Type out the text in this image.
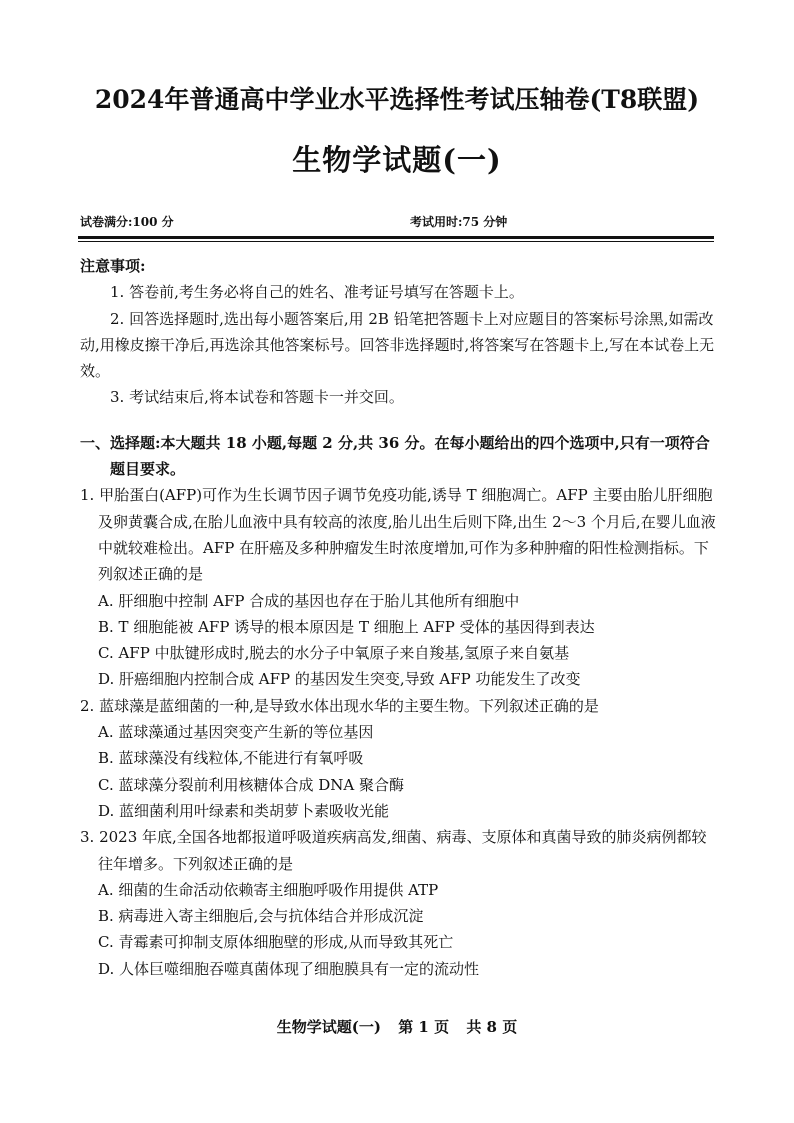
2024年普通高中学业水平选择性考试压轴卷(T8联盟)
生物学试题(一)
试卷满分:100 分	考试用时:75 分钟

注意事项:

1. 答卷前,考生务必将自己的姓名、准考证号填写在答题卡上。

2. 回答选择题时,选出每小题答案后,用 2B 铅笔把答题卡上对应题目的答案标号涂黑,如需改动,用橡皮擦干净后,再选涂其他答案标号。回答非选择题时,将答案写在答题卡上,写在本试卷上无效。

3. 考试结束后,将本试卷和答题卡一并交回。

一、选择题:本大题共 18 小题,每题 2 分,共 36 分。在每小题给出的四个选项中,只有一项符合题目要求。

1. 甲胎蛋白(AFP)可作为生长调节因子调节免疫功能,诱导 T 细胞凋亡。AFP 主要由胎儿肝细胞及卵黄囊合成,在胎儿血液中具有较高的浓度,胎儿出生后则下降,出生 2～3 个月后,在婴儿血液中就较难检出。AFP 在肝癌及多种肿瘤发生时浓度增加,可作为多种肿瘤的阳性检测指标。下列叙述正确的是

A. 肝细胞中控制 AFP 合成的基因也存在于胎儿其他所有细胞中

B. T 细胞能被 AFP 诱导的根本原因是 T 细胞上 AFP 受体的基因得到表达

C. AFP 中肽键形成时,脱去的水分子中氧原子来自羧基,氢原子来自氨基

D. 肝癌细胞内控制合成 AFP 的基因发生突变,导致 AFP 功能发生了改变

2. 蓝球藻是蓝细菌的一种,是导致水体出现水华的主要生物。下列叙述正确的是

A. 蓝球藻通过基因突变产生新的等位基因

B. 蓝球藻没有线粒体,不能进行有氧呼吸

C. 蓝球藻分裂前利用核糖体合成 DNA 聚合酶

D. 蓝细菌利用叶绿素和类胡萝卜素吸收光能

3. 2023 年底,全国各地都报道呼吸道疾病高发,细菌、病毒、支原体和真菌导致的肺炎病例都较往年增多。下列叙述正确的是

A. 细菌的生命活动依赖寄主细胞呼吸作用提供 ATP

B. 病毒进入寄主细胞后,会与抗体结合并形成沉淀

C. 青霉素可抑制支原体细胞壁的形成,从而导致其死亡

D. 人体巨噬细胞吞噬真菌体现了细胞膜具有一定的流动性

生物学试题(一) 第 1 页 共 8 页
